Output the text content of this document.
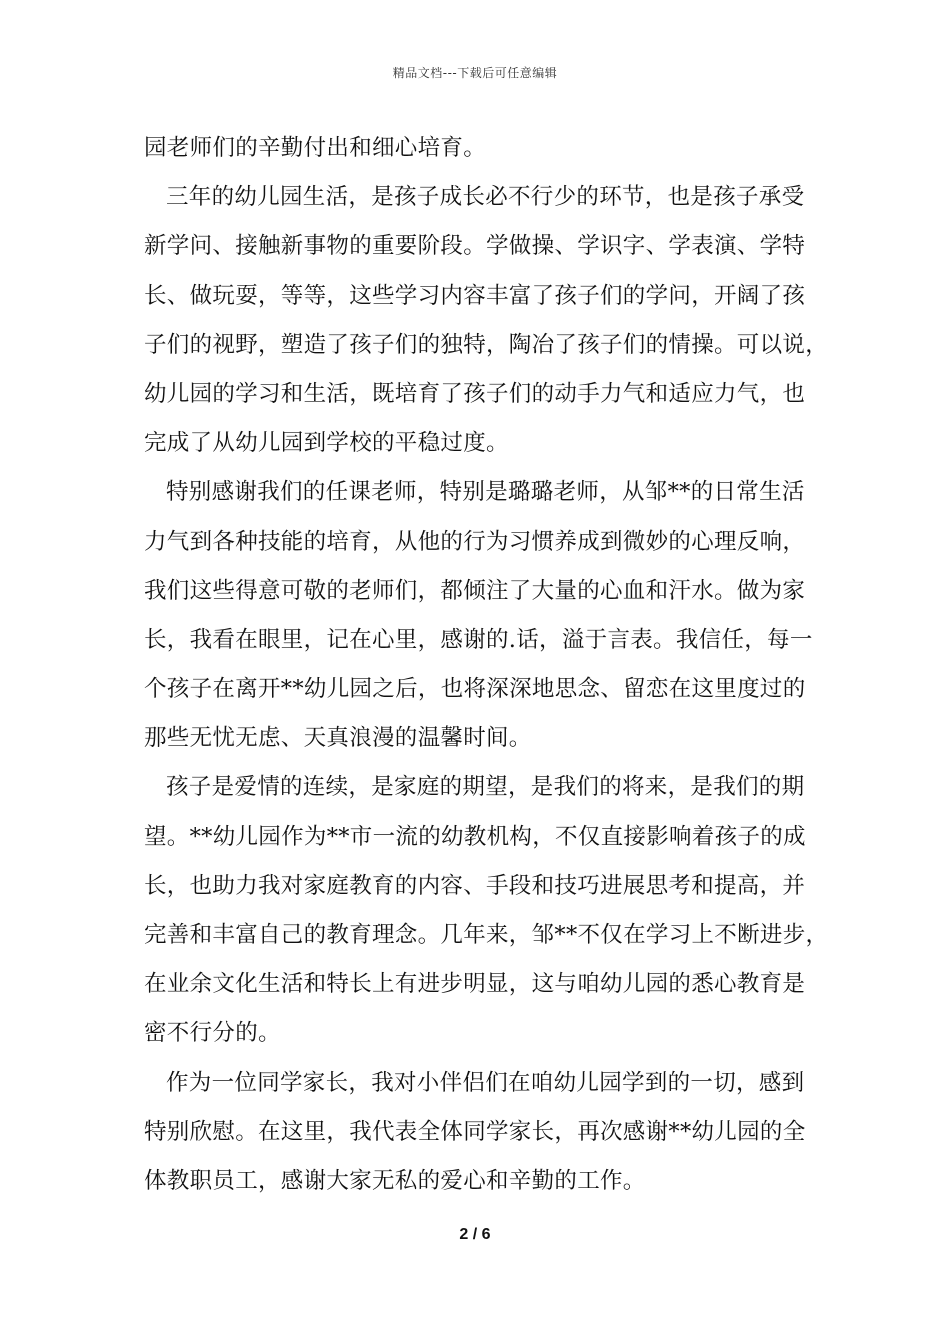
精品文档---下载后可任意编辑
园老师们的辛勤付出和细心培育。
三年的幼儿园生活，是孩子成长必不行少的环节，也是孩子承受
新学问、接触新事物的重要阶段。学做操、学识字、学表演、学特
长、做玩耍，等等，这些学习内容丰富了孩子们的学问，开阔了孩
子们的视野，塑造了孩子们的独特，陶冶了孩子们的情操。可以说，
幼儿园的学习和生活，既培育了孩子们的动手力气和适应力气，也
完成了从幼儿园到学校的平稳过度。
特别感谢我们的任课老师，特别是璐璐老师，从邹**的日常生活
力气到各种技能的培育，从他的行为习惯养成到微妙的心理反响，
我们这些得意可敬的老师们，都倾注了大量的心血和汗水。做为家
长，我看在眼里，记在心里，感谢的.话，溢于言表。我信任，每一
个孩子在离开**幼儿园之后，也将深深地思念、留恋在这里度过的
那些无忧无虑、天真浪漫的温馨时间。
孩子是爱情的连续，是家庭的期望，是我们的将来，是我们的期
望。**幼儿园作为**市一流的幼教机构，不仅直接影响着孩子的成
长，也助力我对家庭教育的内容、手段和技巧进展思考和提高，并
完善和丰富自己的教育理念。几年来，邹**不仅在学习上不断进步，
在业余文化生活和特长上有进步明显，这与咱幼儿园的悉心教育是
密不行分的。
作为一位同学家长，我对小伴侣们在咱幼儿园学到的一切，感到
特别欣慰。在这里，我代表全体同学家长，再次感谢**幼儿园的全
体教职员工，感谢大家无私的爱心和辛勤的工作。
2 / 6
